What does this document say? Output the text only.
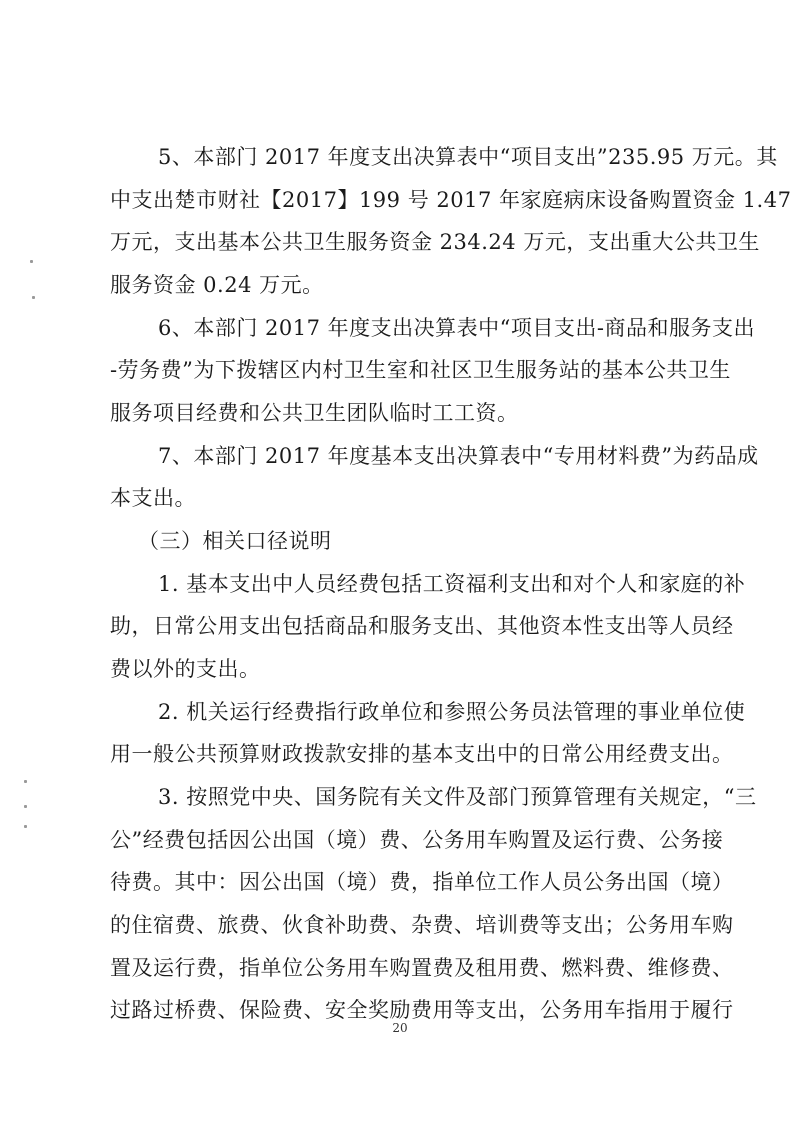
5、本部门 2017 年度支出决算表中“项目支出”235.95 万元。其
中支出楚市财社【2017】199 号 2017 年家庭病床设备购置资金 1.47
万元，支出基本公共卫生服务资金 234.24 万元，支出重大公共卫生
服务资金 0.24 万元。
6、本部门 2017 年度支出决算表中“项目支出-商品和服务支出
-劳务费”为下拨辖区内村卫生室和社区卫生服务站的基本公共卫生
服务项目经费和公共卫生团队临时工工资。
7、本部门 2017 年度基本支出决算表中“专用材料费”为药品成
本支出。
（三）相关口径说明
1. 基本支出中人员经费包括工资福利支出和对个人和家庭的补
助，日常公用支出包括商品和服务支出、其他资本性支出等人员经
费以外的支出。
2. 机关运行经费指行政单位和参照公务员法管理的事业单位使
用一般公共预算财政拨款安排的基本支出中的日常公用经费支出。
3. 按照党中央、国务院有关文件及部门预算管理有关规定，“三
公”经费包括因公出国（境）费、公务用车购置及运行费、公务接
待费。其中：因公出国（境）费，指单位工作人员公务出国（境）
的住宿费、旅费、伙食补助费、杂费、培训费等支出；公务用车购
置及运行费，指单位公务用车购置费及租用费、燃料费、维修费、
过路过桥费、保险费、安全奖励费用等支出，公务用车指用于履行
20
